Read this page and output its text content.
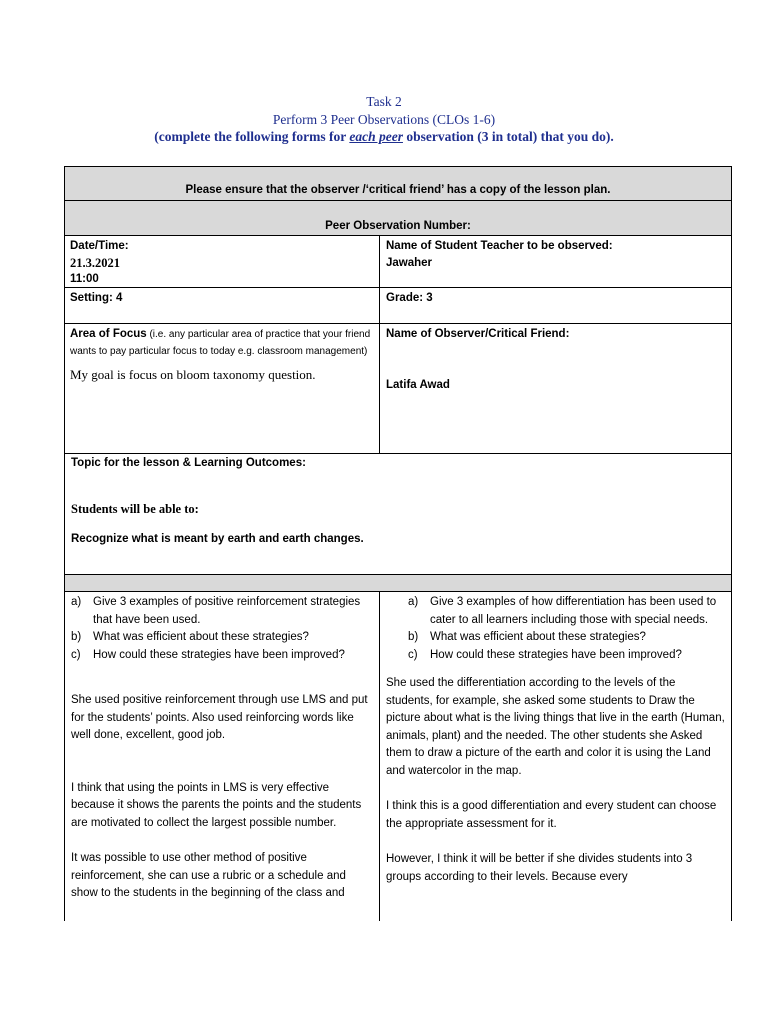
Task 2
Perform 3 Peer Observations (CLOs 1-6)
(complete the following forms for each peer observation (3 in total) that you do).
Please ensure that the observer /‘critical friend’ has a copy of the lesson plan.
Peer Observation Number:
Date/Time:
21.3.2021
11:00
Name of Student Teacher to be observed:
Jawaher
Setting: 4	Grade: 3
Area of Focus (i.e. any particular area of practice that your friend wants to pay particular focus to today e.g. classroom management)
My goal is focus on bloom taxonomy question.
Name of Observer/Critical Friend:
Latifa Awad
Topic for the lesson & Learning Outcomes:
Students will be able to:
Recognize what is meant by earth and earth changes.
a) Give 3 examples of positive reinforcement strategies that have been used.
b) What was efficient about these strategies?
c) How could these strategies have been improved?

She used positive reinforcement through use LMS and put for the students’ points. Also used reinforcing words like well done, excellent, good job.

I think that using the points in LMS is very effective because it shows the parents the points and the students are motivated to collect the largest possible number.

It was possible to use other method of positive reinforcement, she can use a rubric or a schedule and show to the students in the beginning of the class and

a) Give 3 examples of how differentiation has been used to cater to all learners including those with special needs.
b) What was efficient about these strategies?
c) How could these strategies have been improved?

She used the differentiation according to the levels of the students, for example, she asked some students to Draw the picture about what is the living things that live in the earth (Human, animals, plant) and the needed. The other students she Asked them to draw a picture of the earth and color it is using the Land and watercolor in the map.

I think this is a good differentiation and every student can choose the appropriate assessment for it.

However, I think it will be better if she divides students into 3 groups according to their levels. Because every
